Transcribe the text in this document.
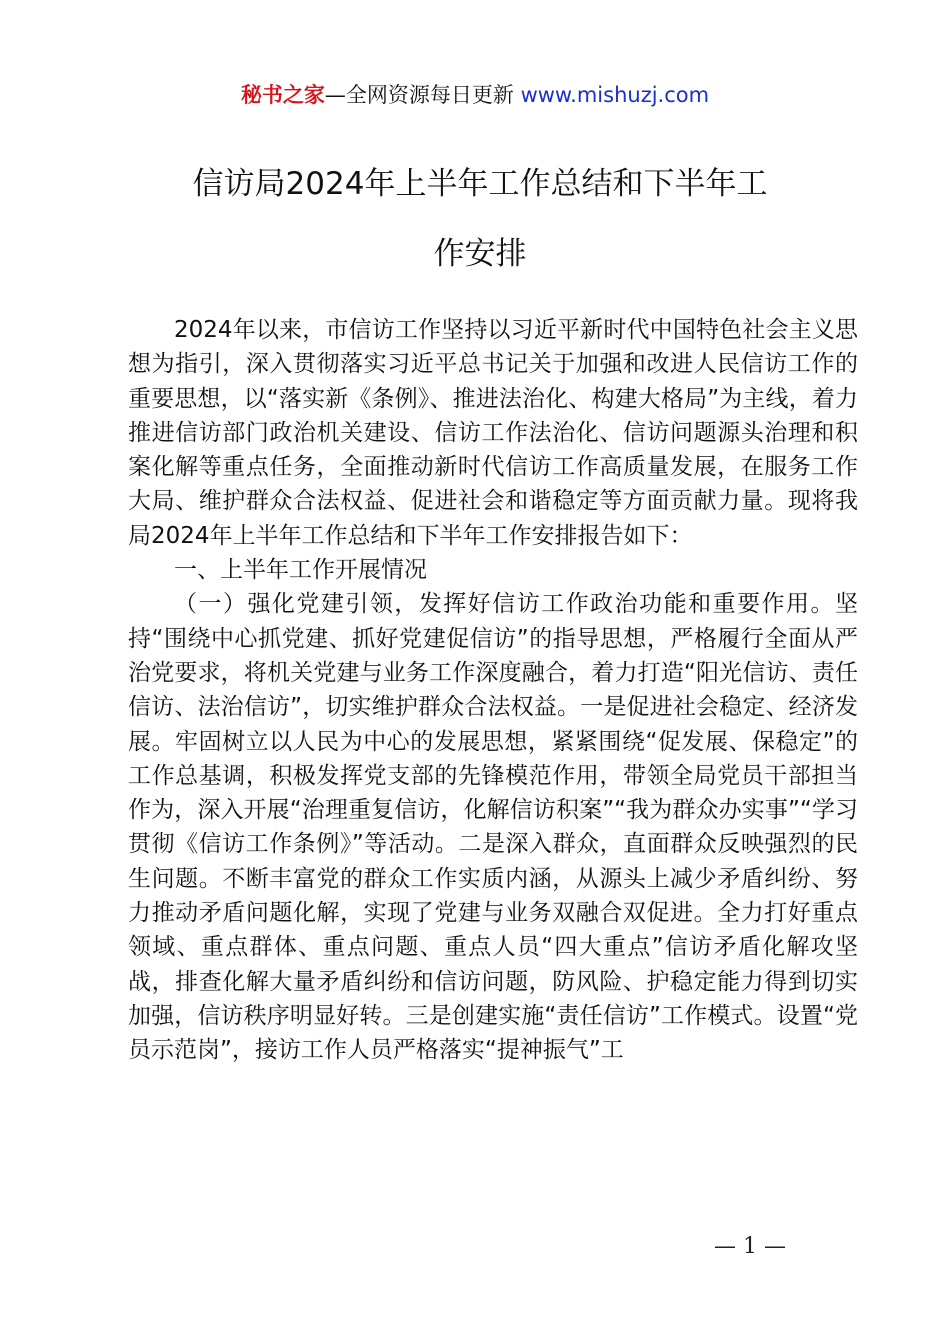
秘书之家—全网资源每日更新 www.mishuzj.com
信访局2024年上半年工作总结和下半年工
作安排

2024年以来，市信访工作坚持以习近平新时代中国特色社会主义思想为指引，深入贯彻落实习近平总书记关于加强和改进人民信访工作的重要思想，以“落实新《条例》、推进法治化、构建大格局”为主线，着力推进信访部门政治机关建设、信访工作法治化、信访问题源头治理和积案化解等重点任务，全面推动新时代信访工作高质量发展，在服务工作大局、维护群众合法权益、促进社会和谐稳定等方面贡献力量。现将我局2024年上半年工作总结和下半年工作安排报告如下：

一、上半年工作开展情况

（一）强化党建引领，发挥好信访工作政治功能和重要作用。坚持“围绕中心抓党建、抓好党建促信访”的指导思想，严格履行全面从严治党要求，将机关党建与业务工作深度融合，着力打造“阳光信访、责任信访、法治信访”，切实维护群众合法权益。一是促进社会稳定、经济发展。牢固树立以人民为中心的发展思想，紧紧围绕“促发展、保稳定”的工作总基调，积极发挥党支部的先锋模范作用，带领全局党员干部担当作为，深入开展“治理重复信访，化解信访积案”“我为群众办实事”“学习贯彻《信访工作条例》”等活动。二是深入群众，直面群众反映强烈的民生问题。不断丰富党的群众工作实质内涵，从源头上减少矛盾纠纷、努力推动矛盾问题化解，实现了党建与业务双融合双促进。全力打好重点领域、重点群体、重点问题、重点人员“四大重点”信访矛盾化解攻坚战，排查化解大量矛盾纠纷和信访问题，防风险、护稳定能力得到切实加强，信访秩序明显好转。三是创建实施“责任信访”工作模式。设置“党员示范岗”，接访工作人员严格落实“提神振气”工

— 1 —
